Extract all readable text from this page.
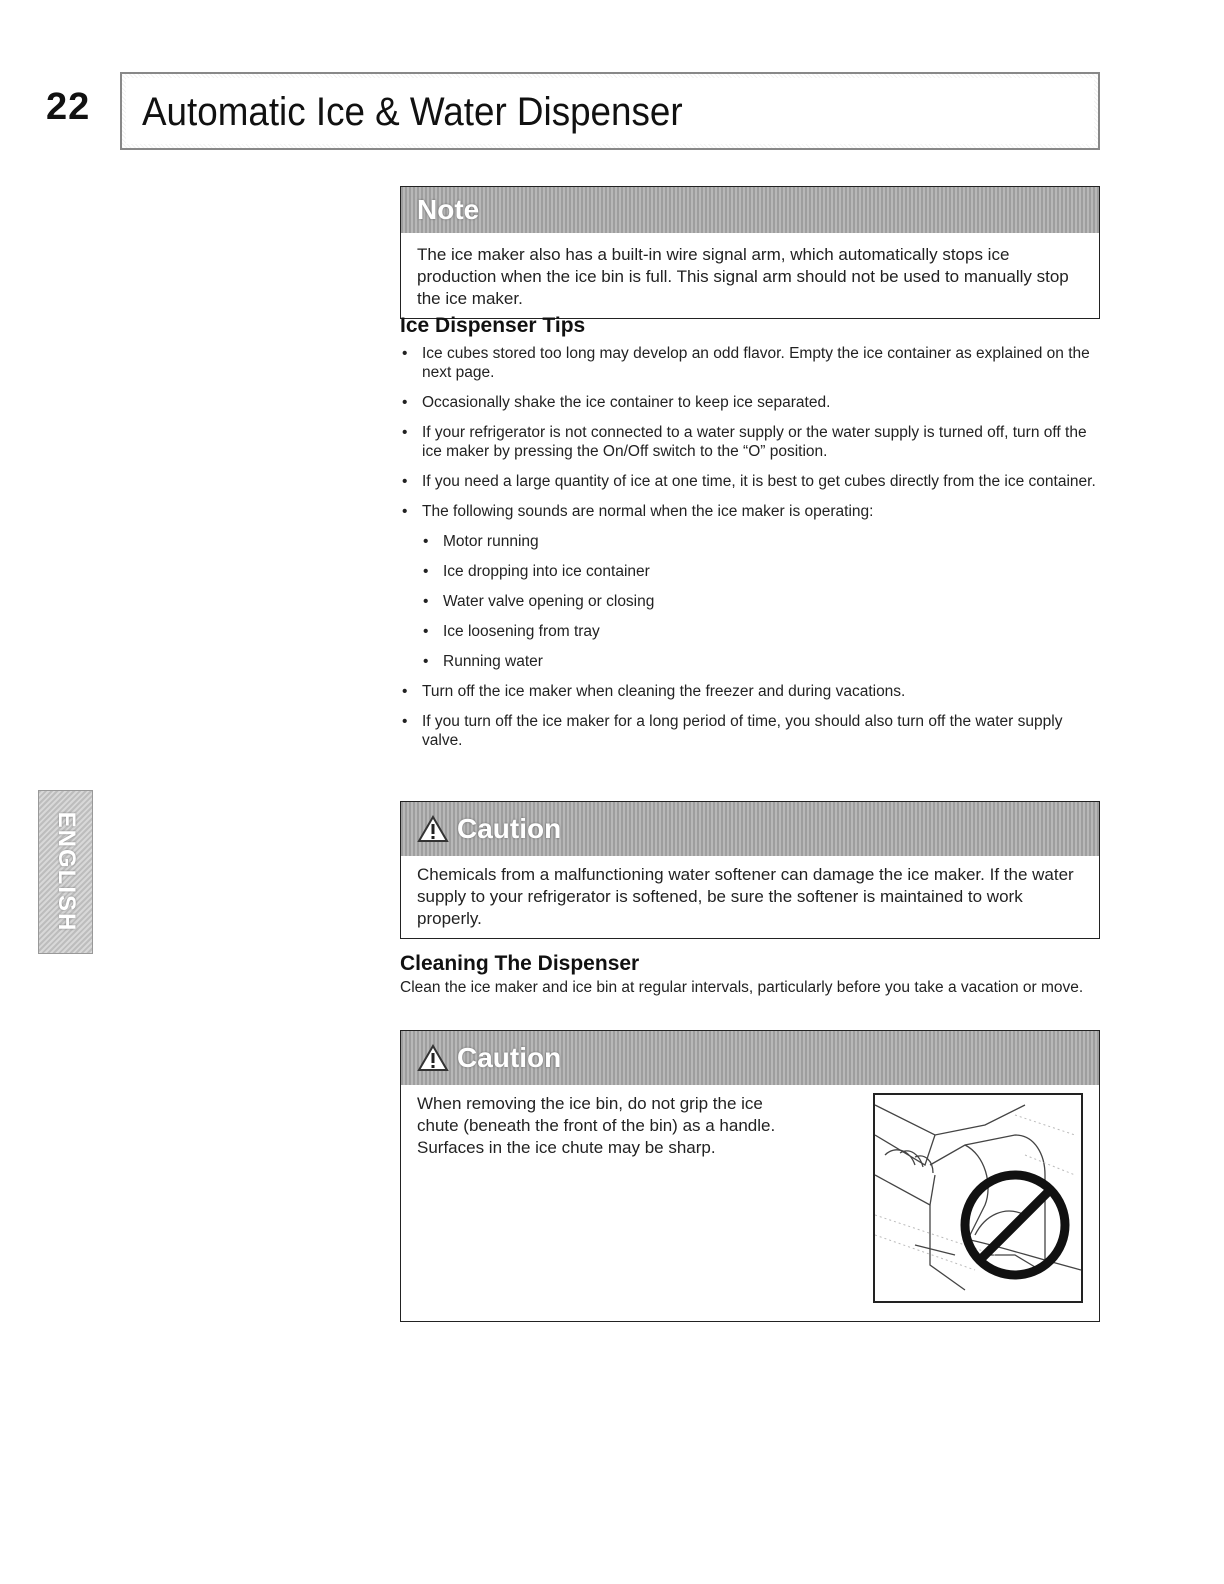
22 Automatic Ice & Water Dispenser
ENGLISH
Note

The ice maker also has a built-in wire signal arm, which automatically stops ice production when the ice bin is full. This signal arm should not be used to manually stop the ice maker.

Ice Dispenser Tips
• Ice cubes stored too long may develop an odd flavor. Empty the ice container as explained on the next page.
• Occasionally shake the ice container to keep ice separated.
• If your refrigerator is not connected to a water supply or the water supply is turned off, turn off the ice maker by pressing the On/Off switch to the “O” position.
• If you need a large quantity of ice at one time, it is best to get cubes directly from the ice container.
• The following sounds are normal when the ice maker is operating:
• Motor running
• Ice dropping into ice container
• Water valve opening or closing
• Ice loosening from tray
• Running water
• Turn off the ice maker when cleaning the freezer and during vacations.
• If you turn off the ice maker for a long period of time, you should also turn off the water supply valve.
Caution

Chemicals from a malfunctioning water softener can damage the ice maker. If the water supply to your refrigerator is softened, be sure the softener is maintained to work properly.

Cleaning The Dispenser
Clean the ice maker and ice bin at regular intervals, particularly before you take a vacation or move.
Caution

When removing the ice bin, do not grip the ice chute (beneath the front of the bin) as a handle. Surfaces in the ice chute may be sharp.
